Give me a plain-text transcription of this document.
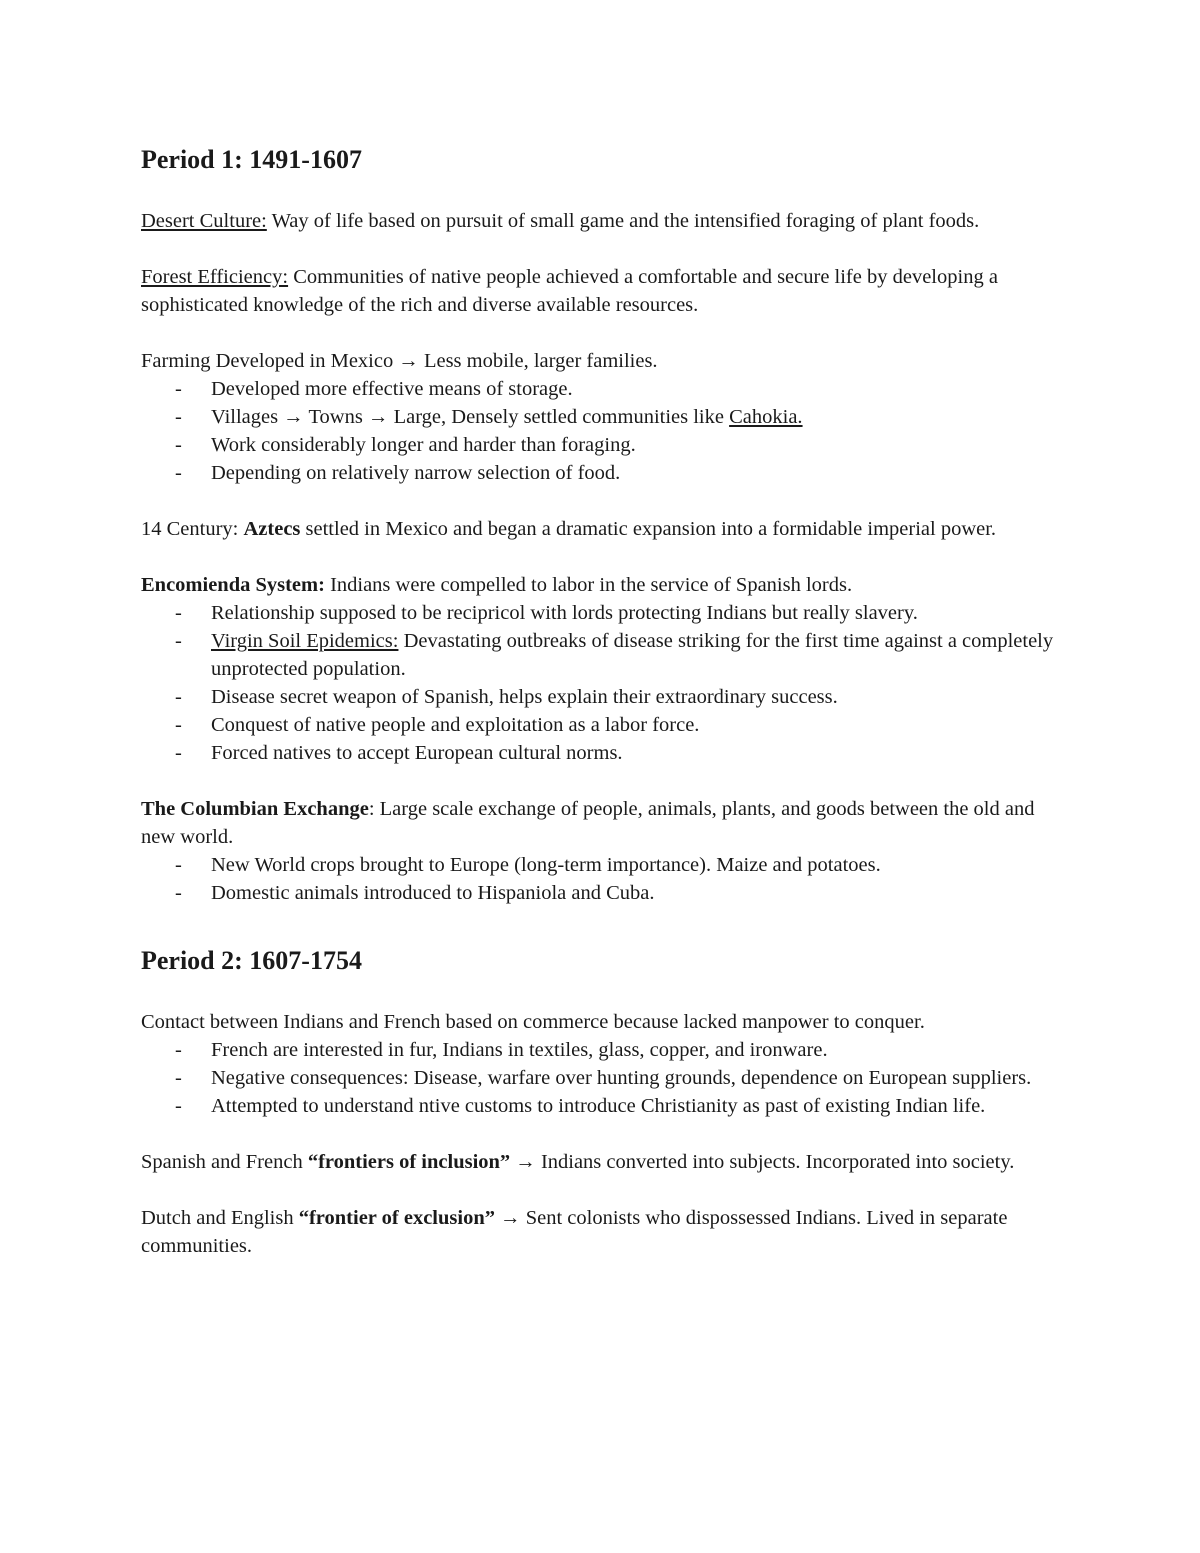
Period 1: 1491-1607

Desert Culture: Way of life based on pursuit of small game and the intensified foraging of plant foods.

Forest Efficiency: Communities of native people achieved a comfortable and secure life by developing a sophisticated knowledge of the rich and diverse available resources.

Farming Developed in Mexico → Less mobile, larger families.

- Developed more effective means of storage.
- Villages → Towns → Large, Densely settled communities like Cahokia.
- Work considerably longer and harder than foraging.
- Depending on relatively narrow selection of food.

14 Century: Aztecs settled in Mexico and began a dramatic expansion into a formidable imperial power.

Encomienda System: Indians were compelled to labor in the service of Spanish lords.

- Relationship supposed to be recipricol with lords protecting Indians but really slavery.
- Virgin Soil Epidemics: Devastating outbreaks of disease striking for the first time against a completely unprotected population.
- Disease secret weapon of Spanish, helps explain their extraordinary success.
- Conquest of native people and exploitation as a labor force.
- Forced natives to accept European cultural norms.

The Columbian Exchange: Large scale exchange of people, animals, plants, and goods between the old and new world.

- New World crops brought to Europe (long-term importance). Maize and potatoes.
- Domestic animals introduced to Hispaniola and Cuba.
Period 2: 1607-1754

Contact between Indians and French based on commerce because lacked manpower to conquer.

- French are interested in fur, Indians in textiles, glass, copper, and ironware.
- Negative consequences: Disease, warfare over hunting grounds, dependence on European suppliers.
- Attempted to understand ntive customs to introduce Christianity as past of existing Indian life.

Spanish and French “frontiers of inclusion” → Indians converted into subjects. Incorporated into society.

Dutch and English “frontier of exclusion” → Sent colonists who dispossessed Indians. Lived in separate communities.
